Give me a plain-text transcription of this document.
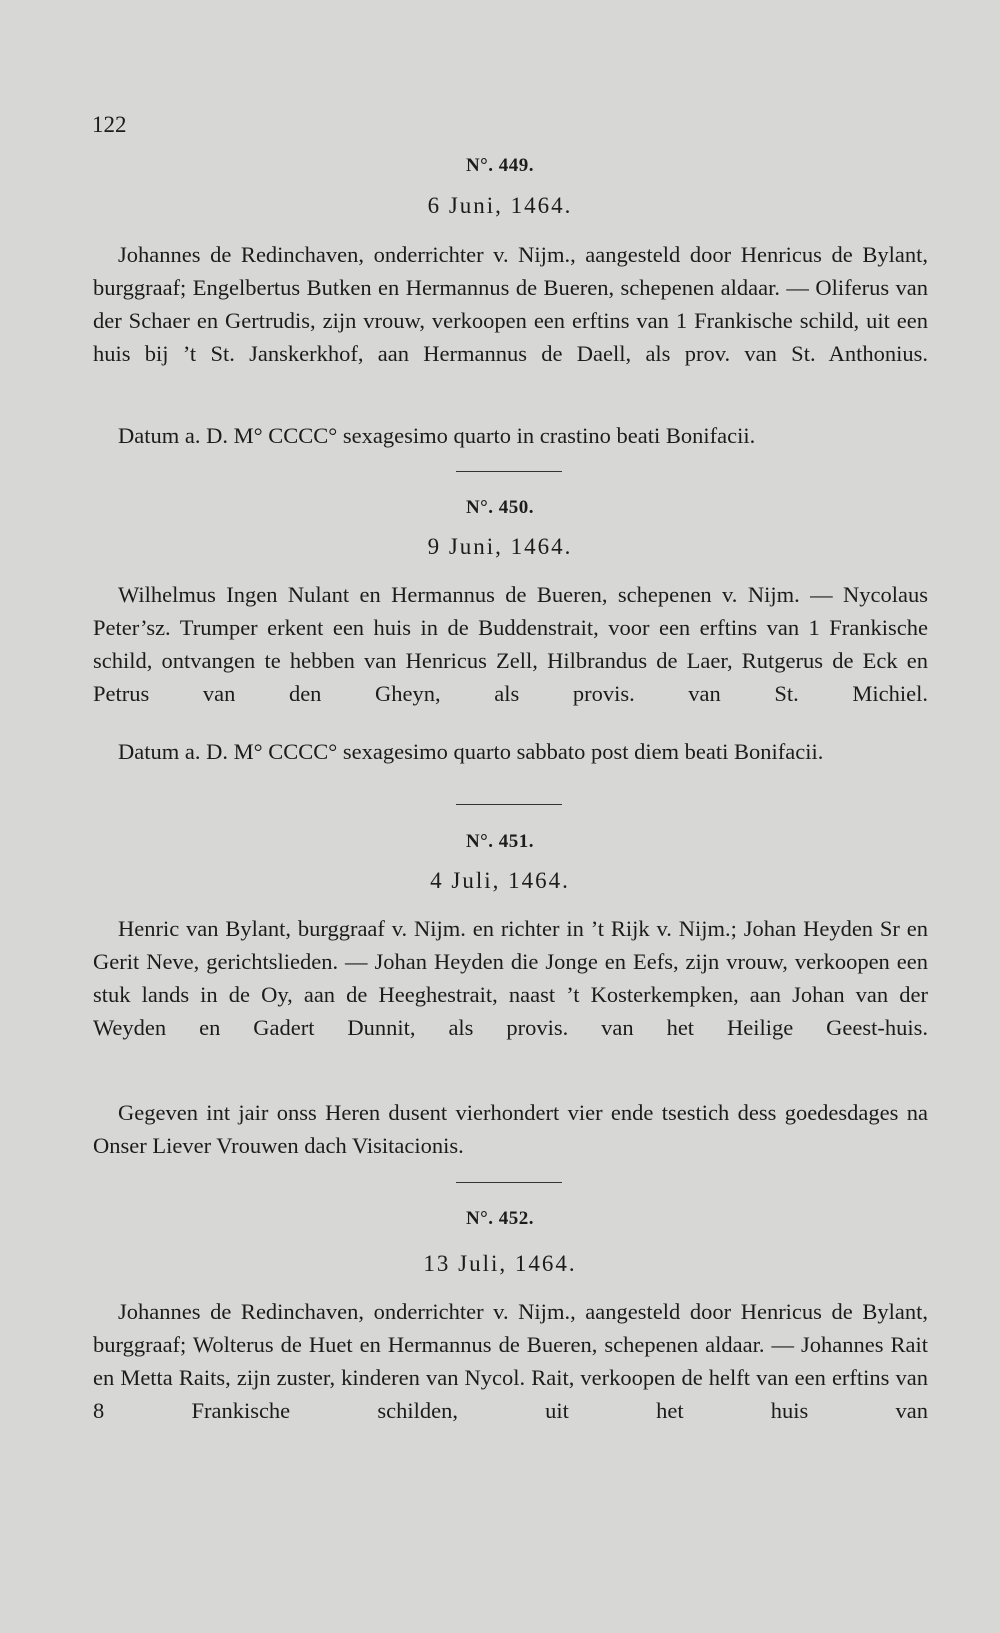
122
N°. 449.
6 Juni, 1464.
Johannes de Redinchaven, onderrichter v. Nijm., aangesteld door Henricus de Bylant, burggraaf; Engelbertus Butken en Hermannus de Bueren, schepenen aldaar. — Oliferus van der Schaer en Gertrudis, zijn vrouw, verkoopen een erftins van 1 Frankische schild, uit een huis bij ’t St. Janskerkhof, aan Hermannus de Daell, als prov. van St. Anthonius.
Datum a. D. M° CCCC° sexagesimo quarto in crastino beati Bonifacii.
N°. 450.
9 Juni, 1464.
Wilhelmus Ingen Nulant en Hermannus de Bueren, schepenen v. Nijm. — Nycolaus Peter’sz. Trumper erkent een huis in de Buddenstrait, voor een erftins van 1 Frankische schild, ontvangen te hebben van Henricus Zell, Hilbrandus de Laer, Rutgerus de Eck en Petrus van den Gheyn, als provis. van St. Michiel.
Datum a. D. M° CCCC° sexagesimo quarto sabbato post diem beati Bonifacii.
N°. 451.
4 Juli, 1464.
Henric van Bylant, burggraaf v. Nijm. en richter in ’t Rijk v. Nijm.; Johan Heyden Sr en Gerit Neve, gerichtslieden. — Johan Heyden die Jonge en Eefs, zijn vrouw, verkoopen een stuk lands in de Oy, aan de Heeghestrait, naast ’t Kosterkempken, aan Johan van der Weyden en Gadert Dunnit, als provis. van het Heilige Geest-huis.
Gegeven int jair onss Heren dusent vierhondert vier ende tsestich dess goedesdages na Onser Liever Vrouwen dach Visitacionis.
N°. 452.
13 Juli, 1464.
Johannes de Redinchaven, onderrichter v. Nijm., aangesteld door Henricus de Bylant, burggraaf; Wolterus de Huet en Hermannus de Bueren, schepenen aldaar. — Johannes Rait en Metta Raits, zijn zuster, kinderen van Nycol. Rait, verkoopen de helft van een erftins van 8 Frankische schilden, uit het huis van
